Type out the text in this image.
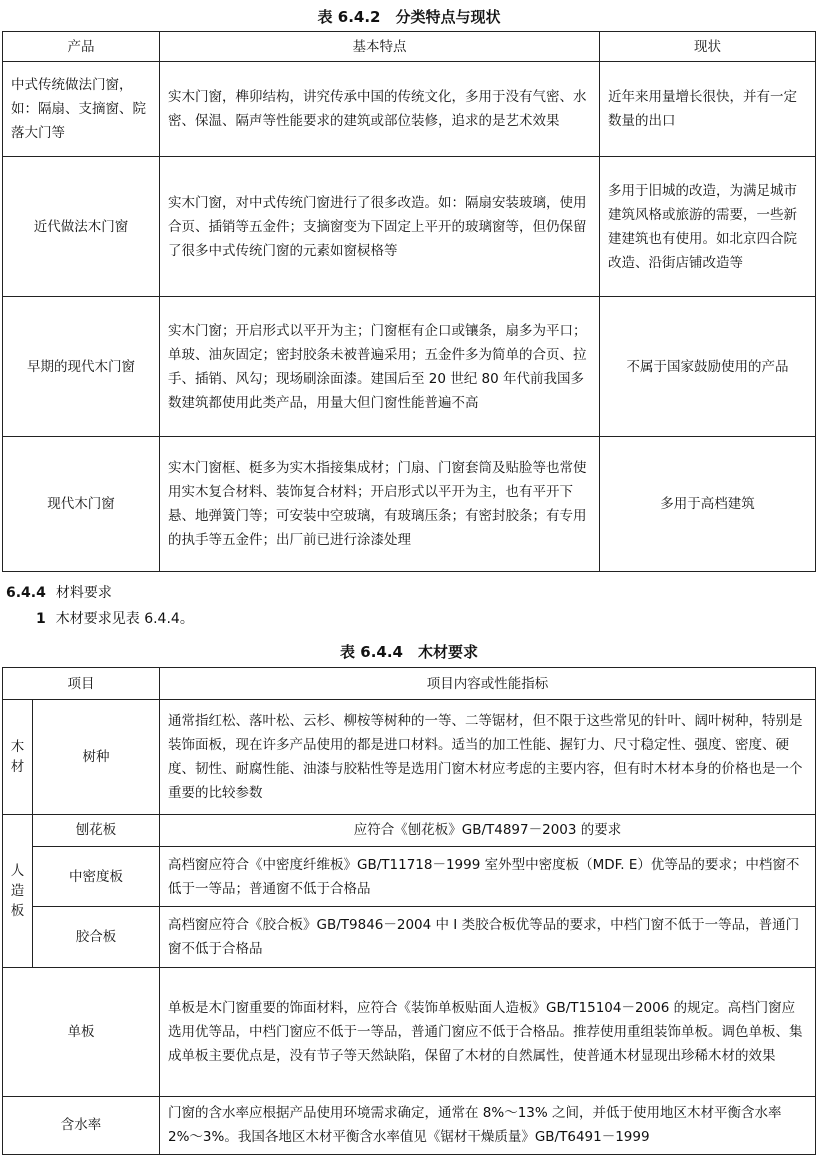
表 6.4.2　分类特点与现状
产品	基本特点	现状
中式传统做法门窗，如：隔扇、支摘窗、院落大门等	实木门窗，榫卯结构，讲究传承中国的传统文化，多用于没有气密、水密、保温、隔声等性能要求的建筑或部位装修，追求的是艺术效果	近年来用量增长很快，并有一定数量的出口
近代做法木门窗	实木门窗，对中式传统门窗进行了很多改造。如：隔扇安装玻璃，使用合页、插销等五金件；支摘窗变为下固定上平开的玻璃窗等，但仍保留了很多中式传统门窗的元素如窗棂格等	多用于旧城的改造，为满足城市建筑风格或旅游的需要，一些新建建筑也有使用。如北京四合院改造、沿街店铺改造等
早期的现代木门窗	实木门窗；开启形式以平开为主；门窗框有企口或镶条，扇多为平口；单玻、油灰固定；密封胶条未被普遍采用；五金件多为简单的合页、拉手、插销、风勾；现场刷涂面漆。建国后至 20 世纪 80 年代前我国多数建筑都使用此类产品，用量大但门窗性能普遍不高	不属于国家鼓励使用的产品
现代木门窗	实木门窗框、梃多为实木指接集成材；门扇、门窗套筒及贴脸等也常使用实木复合材料、装饰复合材料；开启形式以平开为主，也有平开下悬、地弹簧门等；可安装中空玻璃，有玻璃压条；有密封胶条；有专用的执手等五金件；出厂前已进行涂漆处理	多用于高档建筑
6.4.4 材料要求
1 木材要求见表 6.4.4。
表 6.4.4　木材要求
项目		项目内容或性能指标

木材	树种	通常指红松、落叶松、云杉、柳桉等树种的一等、二等锯材，但不限于这些常见的针叶、阔叶树种，特别是装饰面板，现在许多产品使用的都是进口材料。适当的加工性能、握钉力、尺寸稳定性、强度、密度、硬度、韧性、耐腐性能、油漆与胶粘性等是选用门窗木材应考虑的主要内容，但有时木材本身的价格也是一个重要的比较参数

人造板	刨花板	应符合《刨花板》GB/T4897－2003 的要求
	中密度板	高档窗应符合《中密度纤维板》GB/T11718－1999 室外型中密度板（MDF. E）优等品的要求；中档窗不低于一等品；普通窗不低于合格品
	胶合板	高档窗应符合《胶合板》GB/T9846－2004 中 I 类胶合板优等品的要求，中档门窗不低于一等品，普通门窗不低于合格品
单板		单板是木门窗重要的饰面材料，应符合《装饰单板贴面人造板》GB/T15104－2006 的规定。高档门窗应选用优等品，中档门窗应不低于一等品，普通门窗应不低于合格品。推荐使用重组装饰单板。调色单板、集成单板主要优点是，没有节子等天然缺陷，保留了木材的自然属性，使普通木材显现出珍稀木材的效果
含水率		门窗的含水率应根据产品使用环境需求确定，通常在 8%～13% 之间，并低于使用地区木材平衡含水率 2%～3%。我国各地区木材平衡含水率值见《锯材干燥质量》GB/T6491－1999
